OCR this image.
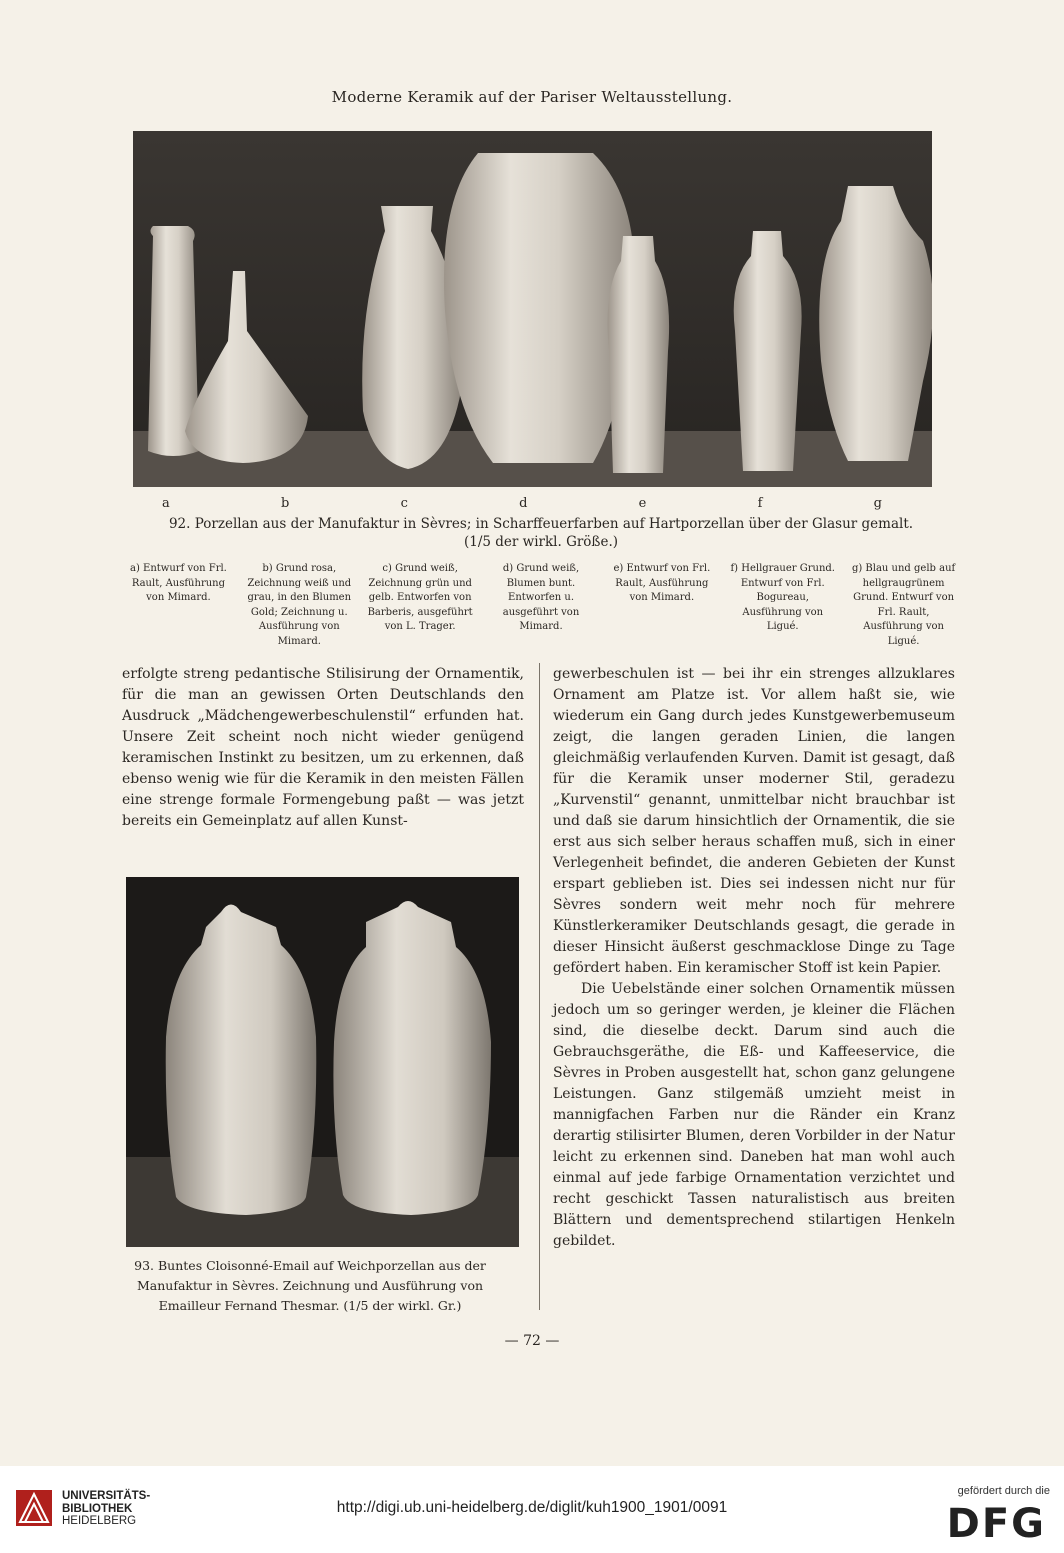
Moderne Keramik auf der Pariser Weltausstellung.
a	b	c	d	e	f	g
92. Porzellan aus der Manufaktur in Sèvres; in Scharffeuerfarben auf Hartporzellan über der Glasur gemalt.
(1/5 der wirkl. Größe.)
a) Entwurf von Frl. Rault, Ausführung von Mimard.
b) Grund rosa, Zeichnung weiß und grau, in den Blumen Gold; Zeichnung u. Ausführung von Mimard.
c) Grund weiß, Zeichnung grün und gelb. Entworfen von Barberis, ausgeführt von L. Trager.
d) Grund weiß, Blumen bunt. Entworfen u. ausgeführt von Mimard.
e) Entwurf von Frl. Rault, Ausführung von Mimard.
f) Hellgrauer Grund. Entwurf von Frl. Bogureau, Ausführung von Ligué.
g) Blau und gelb auf hellgraugrünem Grund. Entwurf von Frl. Rault, Ausführung von Ligué.

erfolgte streng pedantische Stilisirung der Ornamentik, für die man an gewissen Orten Deutschlands den Ausdruck „Mädchengewerbeschulenstil“ erfunden hat. Unsere Zeit scheint noch nicht wieder genügend keramischen Instinkt zu besitzen, um zu erkennen, daß ebenso wenig wie für die Keramik in den meisten Fällen eine strenge formale Formengebung paßt — was jetzt bereits ein Gemeinplatz auf allen Kunst-

93. Buntes Cloisonné-Email auf Weichporzellan aus der Manufaktur in Sèvres. Zeichnung und Ausführung von Emailleur Fernand Thesmar. (1/5 der wirkl. Gr.)

gewerbeschulen ist — bei ihr ein strenges allzuklares Ornament am Platze ist. Vor allem haßt sie, wie wiederum ein Gang durch jedes Kunstgewerbemuseum zeigt, die langen geraden Linien, die langen gleichmäßig verlaufenden Kurven. Damit ist gesagt, daß für die Keramik unser moderner Stil, geradezu „Kurvenstil“ genannt, unmittelbar nicht brauchbar ist und daß sie darum hinsichtlich der Ornamentik, die sie erst aus sich selber heraus schaffen muß, sich in einer Verlegenheit befindet, die anderen Gebieten der Kunst erspart geblieben ist. Dies sei indessen nicht nur für Sèvres sondern weit mehr noch für mehrere Künstlerkeramiker Deutschlands gesagt, die gerade in dieser Hinsicht äußerst geschmacklose Dinge zu Tage gefördert haben. Ein keramischer Stoff ist kein Papier.

Die Uebelstände einer solchen Ornamentik müssen jedoch um so geringer werden, je kleiner die Flächen sind, die dieselbe deckt. Darum sind auch die Gebrauchsgeräthe, die Eß- und Kaffeeservice, die Sèvres in Proben ausgestellt hat, schon ganz gelungene Leistungen. Ganz stilgemäß umzieht meist in mannigfachen Farben nur die Ränder ein Kranz derartig stilisirter Blumen, deren Vorbilder in der Natur leicht zu erkennen sind. Daneben hat man wohl auch einmal auf jede farbige Ornamentation verzichtet und recht geschickt Tassen naturalistisch aus breiten Blättern und dementsprechend stilartigen Henkeln gebildet.

— 72 —
UNIVERSITÄTS-
BIBLIOTHEK
HEIDELBERG
http://digi.ub.uni-heidelberg.de/diglit/kuh1900_1901/0091
gefördert durch die
DFG
